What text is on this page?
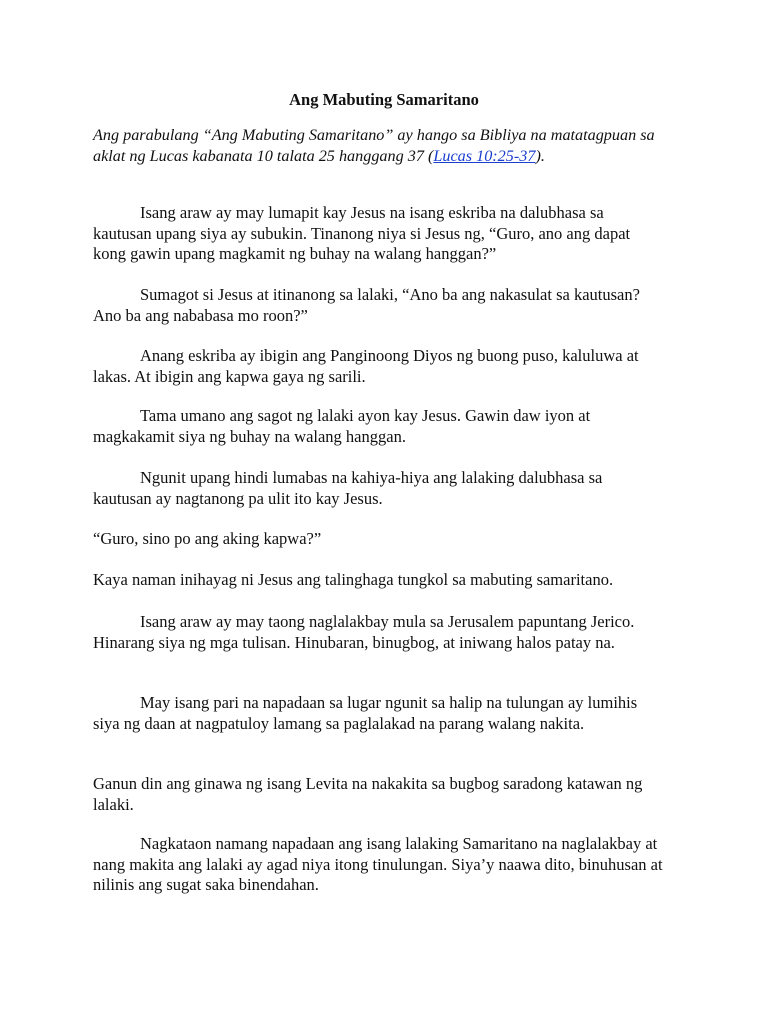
Ang Mabuting Samaritano
Ang parabulang “Ang Mabuting Samaritano” ay hango sa Bibliya na matatagpuan sa aklat ng Lucas kabanata 10 talata 25 hanggang 37 (Lucas 10:25-37).

Isang araw ay may lumapit kay Jesus na isang eskriba na dalubhasa sa kautusan upang siya ay subukin. Tinanong niya si Jesus ng, “Guro, ano ang dapat kong gawin upang magkamit ng buhay na walang hanggan?”

Sumagot si Jesus at itinanong sa lalaki, “Ano ba ang nakasulat sa kautusan? Ano ba ang nababasa mo roon?”

Anang eskriba ay ibigin ang Panginoong Diyos ng buong puso, kaluluwa at lakas. At ibigin ang kapwa gaya ng sarili.

Tama umano ang sagot ng lalaki ayon kay Jesus. Gawin daw iyon at magkakamit siya ng buhay na walang hanggan.

Ngunit upang hindi lumabas na kahiya-hiya ang lalaking dalubhasa sa kautusan ay nagtanong pa ulit ito kay Jesus.

“Guro, sino po ang aking kapwa?”

Kaya naman inihayag ni Jesus ang talinghaga tungkol sa mabuting samaritano.

Isang araw ay may taong naglalakbay mula sa Jerusalem papuntang Jerico. Hinarang siya ng mga tulisan. Hinubaran, binugbog, at iniwang halos patay na.

May isang pari na napadaan sa lugar ngunit sa halip na tulungan ay lumihis siya ng daan at nagpatuloy lamang sa paglalakad na parang walang nakita.

Ganun din ang ginawa ng isang Levita na nakakita sa bugbog saradong katawan ng lalaki.

Nagkataon namang napadaan ang isang lalaking Samaritano na naglalakbay at nang makita ang lalaki ay agad niya itong tinulungan. Siya’y naawa dito, binuhusan at nilinis ang sugat saka binendahan.
